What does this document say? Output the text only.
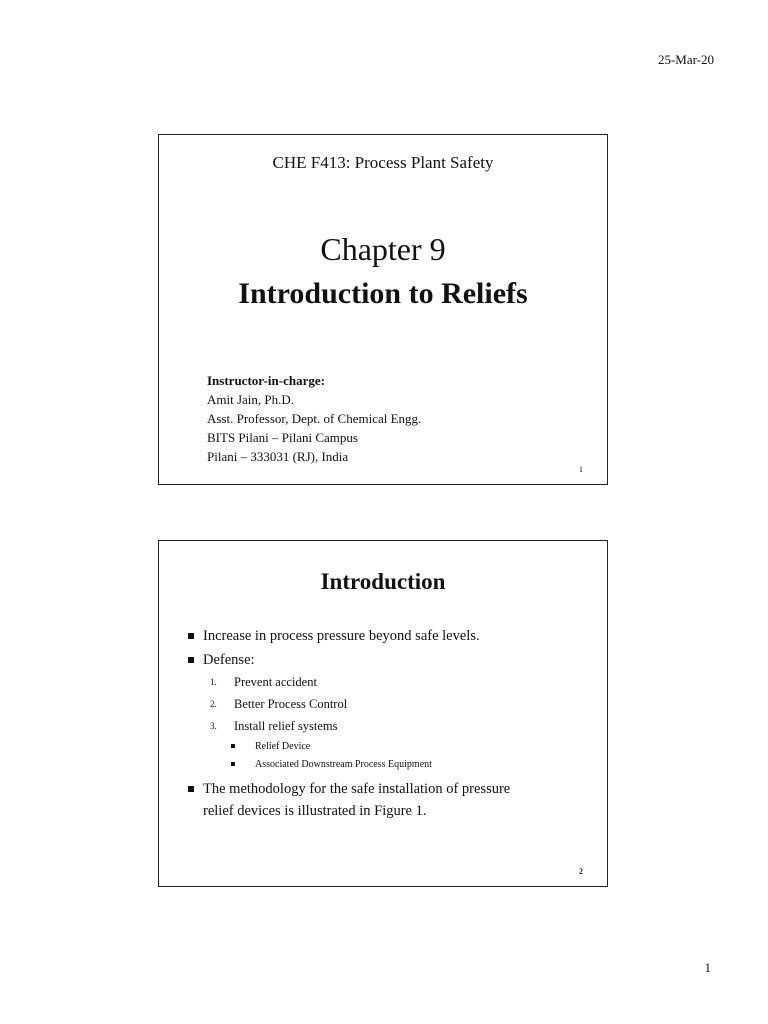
25-Mar-20
CHE F413: Process Plant Safety
Chapter 9
Introduction to Reliefs
Instructor-in-charge:
Amit Jain, Ph.D.
Asst. Professor, Dept. of Chemical Engg.
BITS Pilani – Pilani Campus
Pilani – 333031 (RJ), India
1
Introduction
Increase in process pressure beyond safe levels.
Defense:
1. Prevent accident
2. Better Process Control
3. Install relief systems
Relief Device
Associated Downstream Process Equipment
The methodology for the safe installation of pressure
relief devices is illustrated in Figure 1.
2
1
